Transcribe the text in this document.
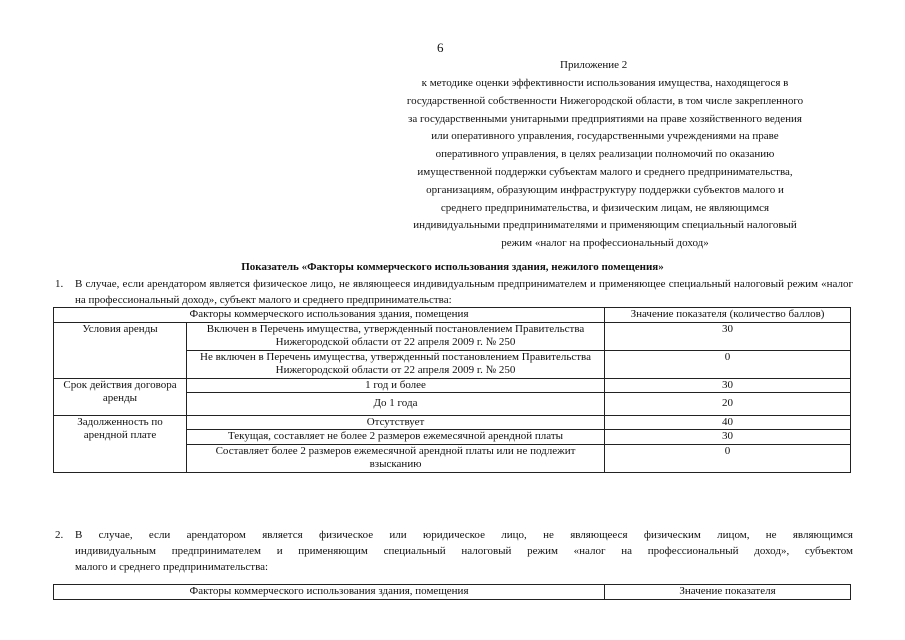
6
Приложение 2
к методике оценки эффективности использования имущества, находящегося в
государственной собственности Нижегородской области, в том числе закрепленного
за государственными унитарными предприятиями на праве хозяйственного ведения
или оперативного управления, государственными учреждениями на праве
оперативного управления, в целях реализации полномочий по оказанию
имущественной поддержки субъектам малого и среднего предпринимательства,
организациям, образующим инфраструктуру поддержки субъектов малого и
среднего предпринимательства, и физическим лицам, не являющимся
индивидуальными предпринимателями и применяющим специальный налоговый
режим «налог на профессиональный доход»
Показатель «Факторы коммерческого использования здания, нежилого помещения»
1. В случае, если арендатором является физическое лицо, не являющееся индивидуальным предпринимателем и применяющее специальный налоговый режим «налог на профессиональный доход», субъект малого и среднего предпринимательства:
Факторы коммерческого использования здания, помещения		Значение показателя (количество баллов)
Условия аренды	Включен в Перечень имущества, утвержденный постановлением Правительства Нижегородской области от 22 апреля 2009 г. № 250	30
	Не включен в Перечень имущества, утвержденный постановлением Правительства Нижегородской области от 22 апреля 2009 г. № 250	0
Срок действия договора аренды	1 год и более	30
	До 1 года	20
Задолженность по арендной плате	Отсутствует	40
	Текущая, составляет не более 2 размеров ежемесячной арендной платы	30
	Составляет более 2 размеров ежемесячной арендной платы или не подлежит взысканию	0
2. В случае, если арендатором является физическое или юридическое лицо, не являющееся физическим лицом, не являющимся
индивидуальным предпринимателем и применяющим специальный налоговый режим «налог на профессиональный доход», субъектом
малого и среднего предпринимательства:
Факторы коммерческого использования здания, помещения	Значение показателя
